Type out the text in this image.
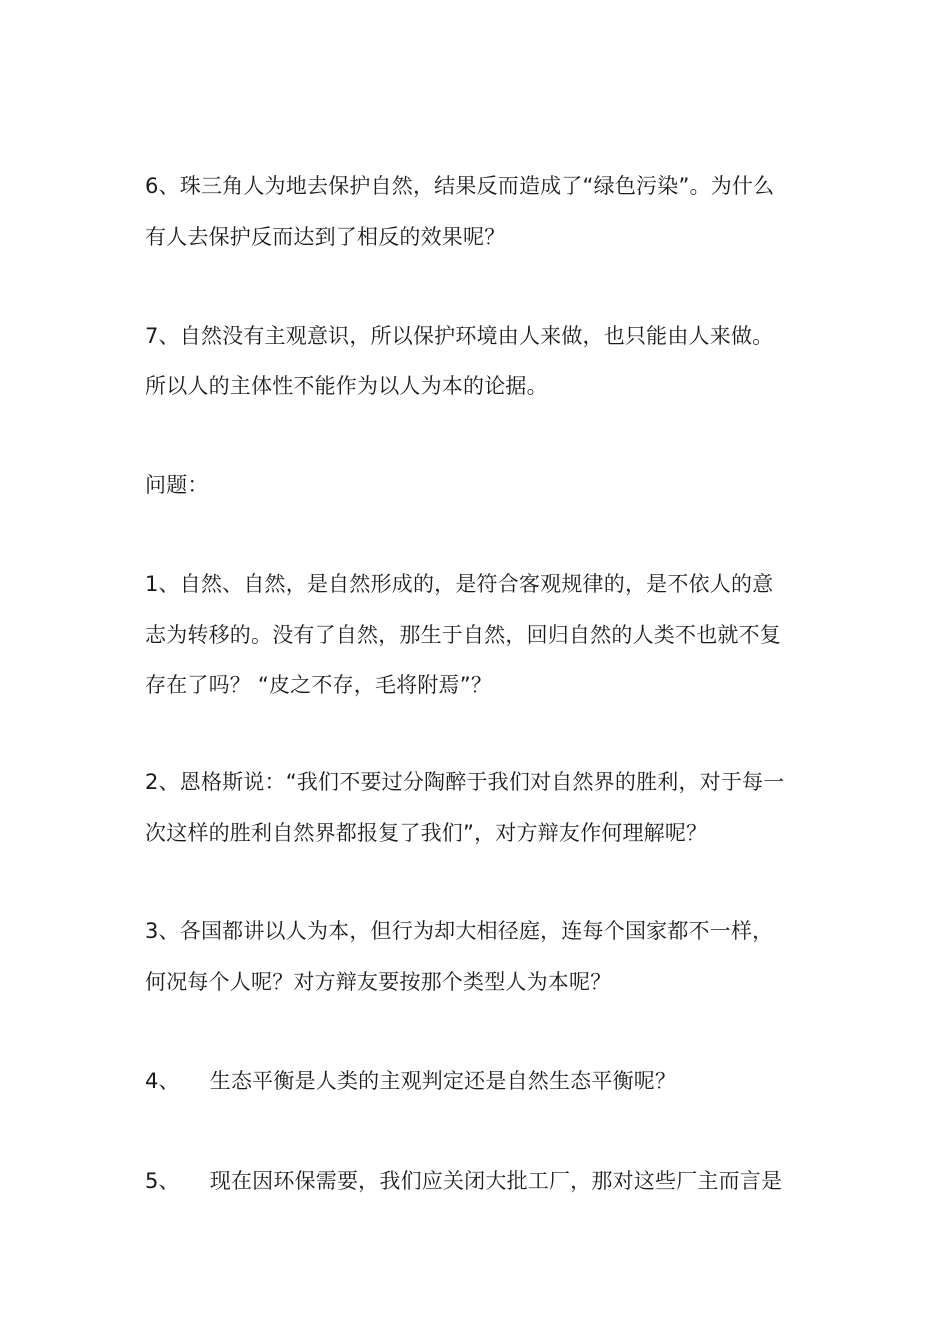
6、珠三角人为地去保护自然，结果反而造成了“绿色污染”。为什么
有人去保护反而达到了相反的效果呢？
7、自然没有主观意识，所以保护环境由人来做，也只能由人来做。
所以人的主体性不能作为以人为本的论据。
问题：
1、自然、自然，是自然形成的，是符合客观规律的，是不依人的意
志为转移的。没有了自然，那生于自然，回归自然的人类不也就不复
存在了吗？ “皮之不存，毛将附焉”？
2、恩格斯说：“我们不要过分陶醉于我们对自然界的胜利，对于每一
次这样的胜利自然界都报复了我们”，对方辩友作何理解呢？
3、各国都讲以人为本，但行为却大相径庭，连每个国家都不一样，
何况每个人呢？对方辩友要按那个类型人为本呢？
4、 生态平衡是人类的主观判定还是自然生态平衡呢？
5、 现在因环保需要，我们应关闭大批工厂，那对这些厂主而言是
